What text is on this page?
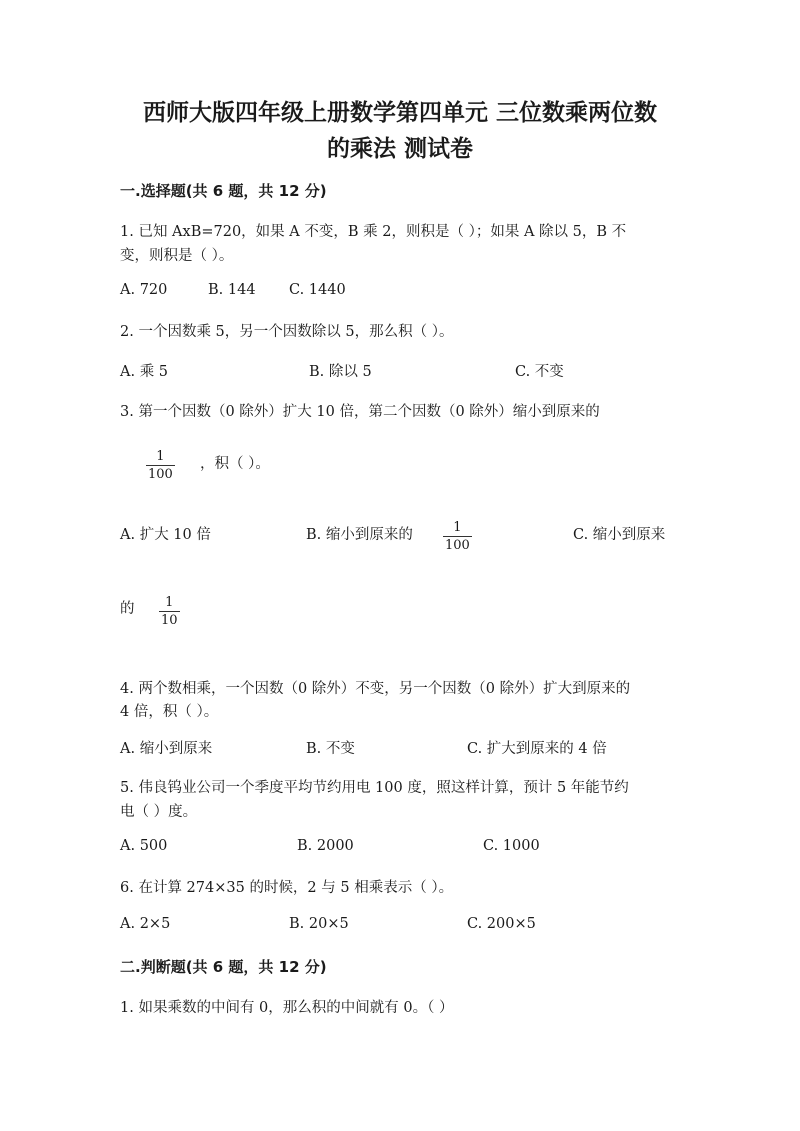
西师大版四年级上册数学第四单元 三位数乘两位数
的乘法 测试卷
一.选择题(共 6 题，共 12 分)
1. 已知 AxB=720，如果 A 不变，B 乘 2，则积是（ ）；如果 A 除以 5，B 不
变，则积是（ ）。
A. 720	B. 144 C. 1440
2. 一个因数乘 5，另一个因数除以 5，那么积（ ）。
A. 乘 5	B. 除以 5	C. 不变
3. 第一个因数（0 除外）扩大 10 倍，第二个因数（0 除外）缩小到原来的
$\frac{1}{100}$ ，积（ ）。
A. 扩大 10 倍	B. 缩小到原来的 $\frac{1}{100}$	C. 缩小到原来
的 $\frac{1}{10}$
4. 两个数相乘，一个因数（0 除外）不变，另一个因数（0 除外）扩大到原来的
4 倍，积（ ）。
A. 缩小到原来	B. 不变	C. 扩大到原来的 4 倍
5. 伟良钨业公司一个季度平均节约用电 100 度，照这样计算，预计 5 年能节约
电（ ）度。
A. 500	B. 2000	C. 1000
6. 在计算 274×35 的时候，2 与 5 相乘表示（ ）。
A. 2×5	B. 20×5	C. 200×5
二.判断题(共 6 题，共 12 分)
1. 如果乘数的中间有 0，那么积的中间就有 0。（ ）
